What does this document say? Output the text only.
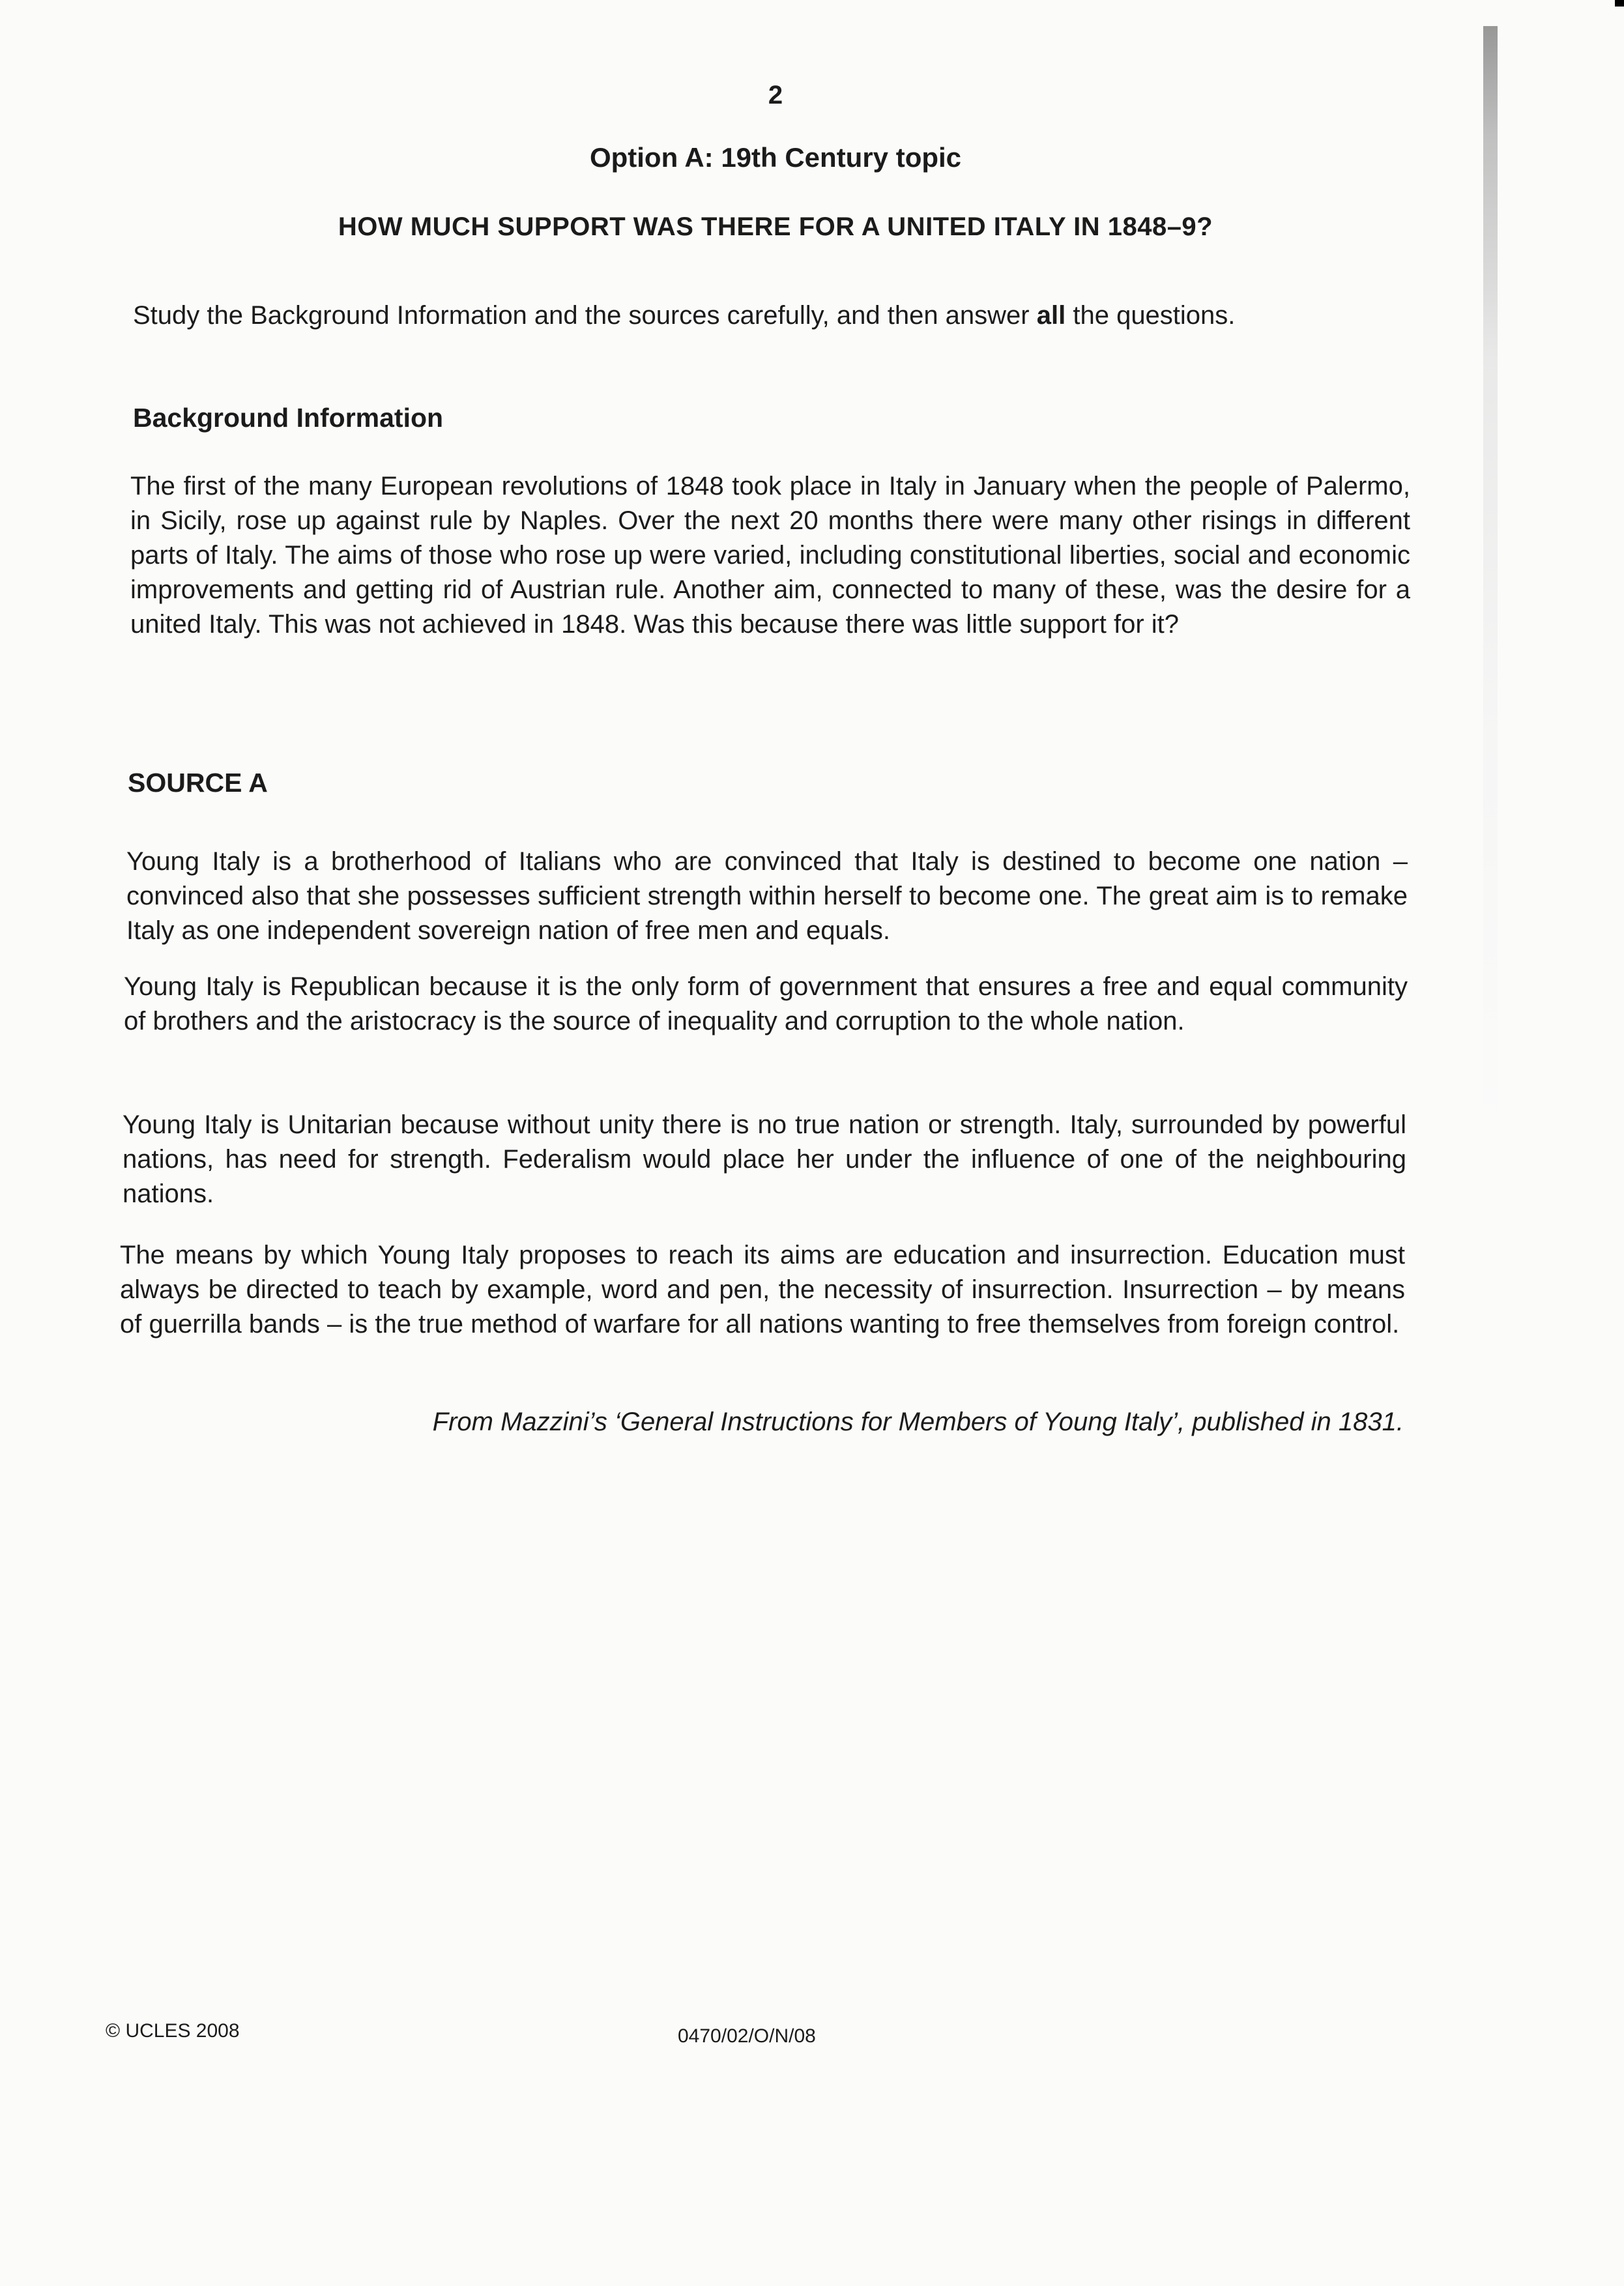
2
Option A: 19th Century topic
HOW MUCH SUPPORT WAS THERE FOR A UNITED ITALY IN 1848–9?
Study the Background Information and the sources carefully, and then answer all the questions.
Background Information
The first of the many European revolutions of 1848 took place in Italy in January when the people of Palermo, in Sicily, rose up against rule by Naples. Over the next 20 months there were many other risings in different parts of Italy. The aims of those who rose up were varied, including constitutional liberties, social and economic improvements and getting rid of Austrian rule. Another aim, connected to many of these, was the desire for a united Italy. This was not achieved in 1848. Was this because there was little support for it?
SOURCE A
Young Italy is a brotherhood of Italians who are convinced that Italy is destined to become one nation – convinced also that she possesses sufficient strength within herself to become one. The great aim is to remake Italy as one independent sovereign nation of free men and equals.
Young Italy is Republican because it is the only form of government that ensures a free and equal community of brothers and the aristocracy is the source of inequality and corruption to the whole nation.
Young Italy is Unitarian because without unity there is no true nation or strength. Italy, surrounded by powerful nations, has need for strength. Federalism would place her under the influence of one of the neighbouring nations.
The means by which Young Italy proposes to reach its aims are education and insurrection. Education must always be directed to teach by example, word and pen, the necessity of insurrection. Insurrection – by means of guerrilla bands – is the true method of warfare for all nations wanting to free themselves from foreign control.
From Mazzini’s ‘General Instructions for Members of Young Italy’, published in 1831.
© UCLES 2008	0470/02/O/N/08
